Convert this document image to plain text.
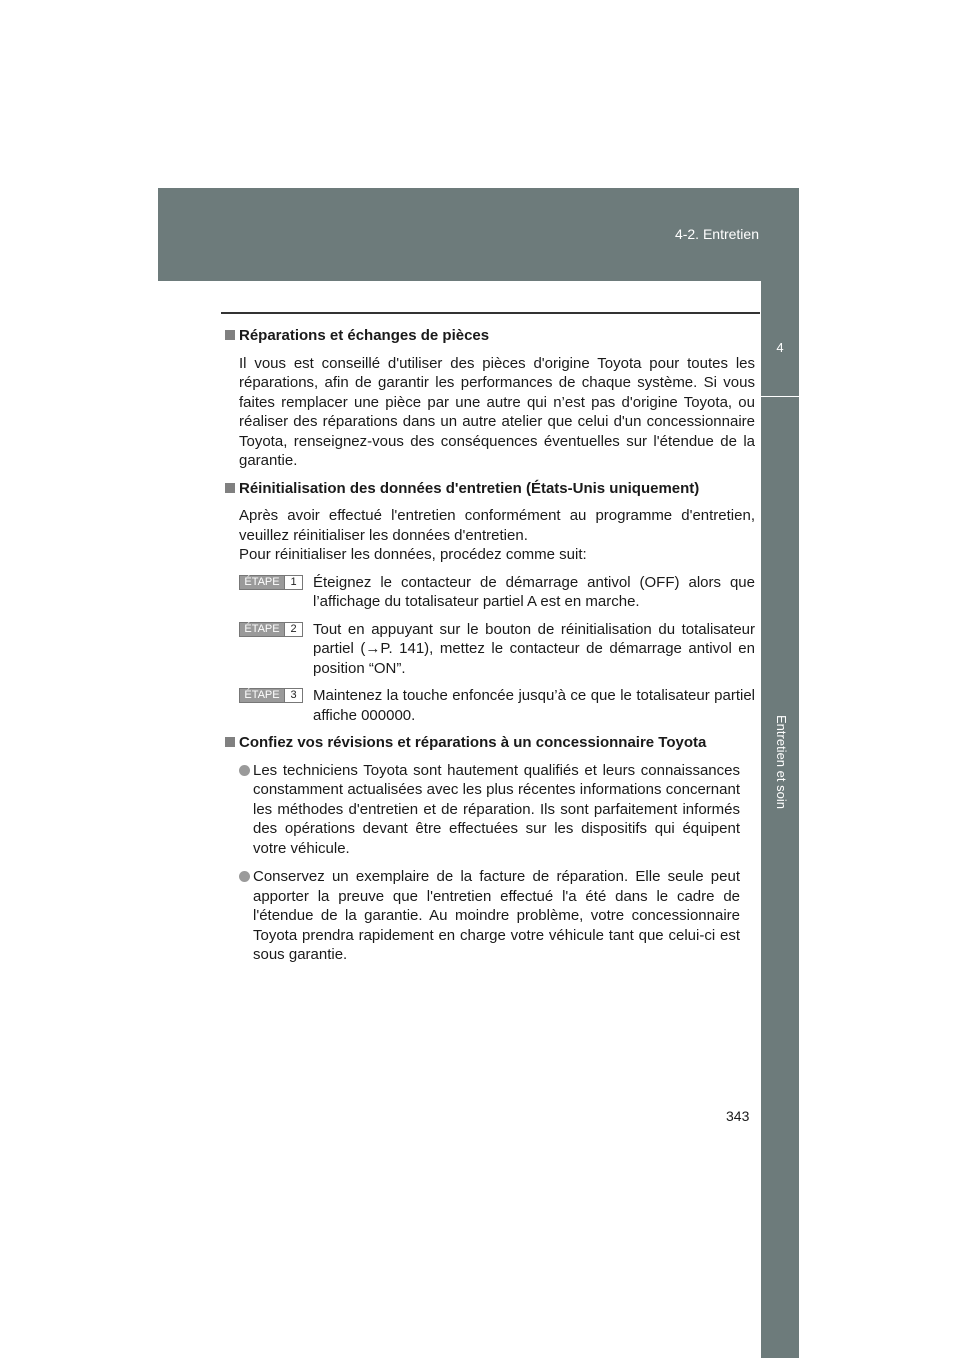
4-2. Entretien
4
Entretien et soin
Réparations et échanges de pièces

Il vous est conseillé d'utiliser des pièces d'origine Toyota pour toutes les réparations, afin de garantir les performances de chaque système. Si vous faites remplacer une pièce par une autre qui n’est pas d'origine Toyota, ou réaliser des réparations dans un autre atelier que celui d'un concessionnaire Toyota, renseignez-vous des conséquences éventuelles sur l'étendue de la garantie.

Réinitialisation des données d'entretien (États-Unis uniquement)

Après avoir effectué l'entretien conformément au programme d'entretien, veuillez réinitialiser les données d'entretien.

Pour réinitialiser les données, procédez comme suit:

ÉTAPE 1	Éteignez le contacteur de démarrage antivol (OFF) alors que l’affichage du totalisateur partiel A est en marche.
ÉTAPE 2	Tout en appuyant sur le bouton de réinitialisation du totalisateur partiel (→P. 141), mettez le contacteur de démarrage antivol en position “ON”.
ÉTAPE 3	Maintenez la touche enfoncée jusqu’à ce que le totalisateur partiel affiche 000000.
Confiez vos révisions et réparations à un concessionnaire Toyota
Les techniciens Toyota sont hautement qualifiés et leurs connaissances constamment actualisées avec les plus récentes informations concernant les méthodes d'entretien et de réparation. Ils sont parfaitement informés des opérations devant être effectuées sur les dispositifs qui équipent votre véhicule.
Conservez un exemplaire de la facture de réparation. Elle seule peut apporter la preuve que l'entretien effectué l'a été dans le cadre de l'étendue de la garantie. Au moindre problème, votre concessionnaire Toyota prendra rapidement en charge votre véhicule tant que celui-ci est sous garantie.
343
